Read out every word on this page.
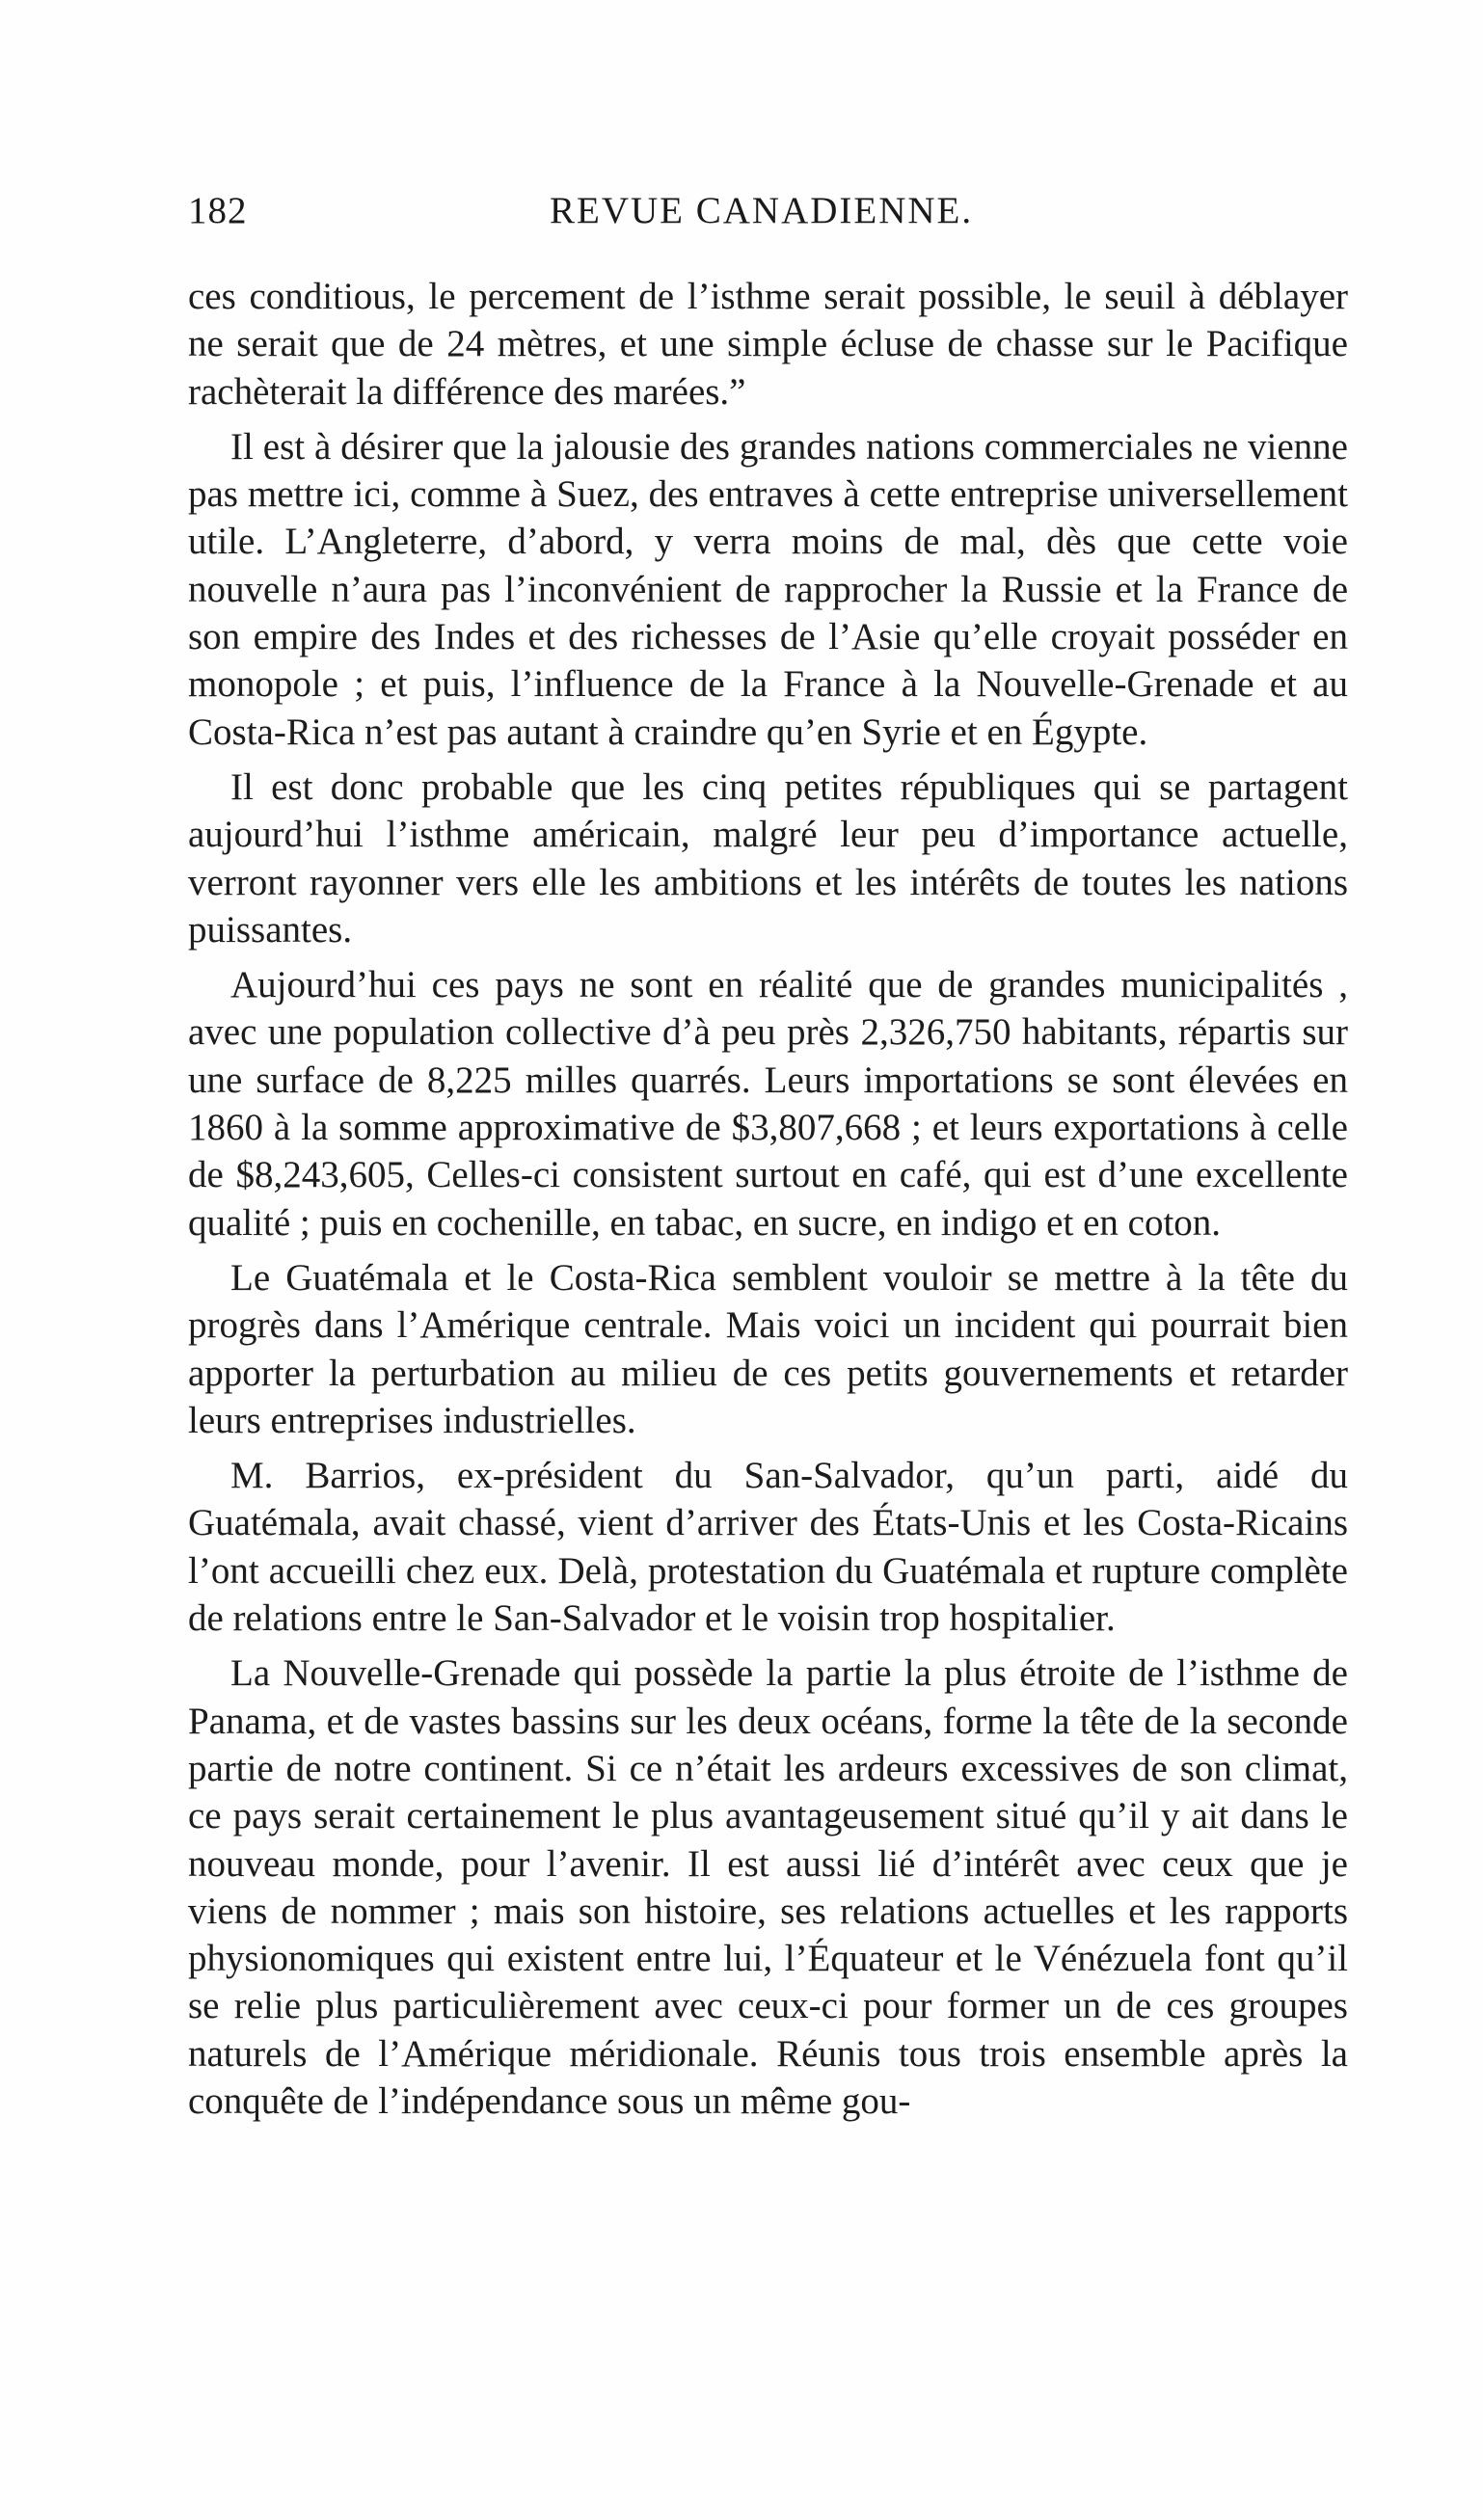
182	REVUE CANADIENNE.

ces conditious, le percement de l’isthme serait possible, le seuil à déblayer ne serait que de 24 mètres, et une simple écluse de chasse sur le Pacifique rachèterait la différence des marées.”

Il est à désirer que la jalousie des grandes nations commerciales ne vienne pas mettre ici, comme à Suez, des entraves à cette entreprise universellement utile. L’Angleterre, d’abord, y verra moins de mal, dès que cette voie nouvelle n’aura pas l’inconvénient de rapprocher la Russie et la France de son empire des Indes et des richesses de l’Asie qu’elle croyait posséder en monopole ; et puis, l’influence de la France à la Nouvelle-Grenade et au Costa-Rica n’est pas autant à craindre qu’en Syrie et en Égypte.

Il est donc probable que les cinq petites républiques qui se partagent aujourd’hui l’isthme américain, malgré leur peu d’importance actuelle, verront rayonner vers elle les ambitions et les intérêts de toutes les nations puissantes.

Aujourd’hui ces pays ne sont en réalité que de grandes municipalités , avec une population collective d’à peu près 2,326,750 habitants, répartis sur une surface de 8,225 milles quarrés. Leurs importations se sont élevées en 1860 à la somme approximative de $3,807,668 ; et leurs exportations à celle de $8,243,605, Celles-ci consistent surtout en café, qui est d’une excellente qualité ; puis en cochenille, en tabac, en sucre, en indigo et en coton.

Le Guatémala et le Costa-Rica semblent vouloir se mettre à la tête du progrès dans l’Amérique centrale. Mais voici un incident qui pourrait bien apporter la perturbation au milieu de ces petits gouvernements et retarder leurs entreprises industrielles.

M. Barrios, ex-président du San-Salvador, qu’un parti, aidé du Guatémala, avait chassé, vient d’arriver des États-Unis et les Costa-Ricains l’ont accueilli chez eux. Delà, protestation du Guatémala et rupture complète de relations entre le San-Salvador et le voisin trop hospitalier.

La Nouvelle-Grenade qui possède la partie la plus étroite de l’isthme de Panama, et de vastes bassins sur les deux océans, forme la tête de la seconde partie de notre continent. Si ce n’était les ardeurs excessives de son climat, ce pays serait certainement le plus avantageusement situé qu’il y ait dans le nouveau monde, pour l’avenir. Il est aussi lié d’intérêt avec ceux que je viens de nommer ; mais son histoire, ses relations actuelles et les rapports physionomiques qui existent entre lui, l’Équateur et le Vénézuela font qu’il se relie plus particulièrement avec ceux-ci pour former un de ces groupes naturels de l’Amérique méridionale. Réunis tous trois ensemble après la conquête de l’indépendance sous un même gou-
